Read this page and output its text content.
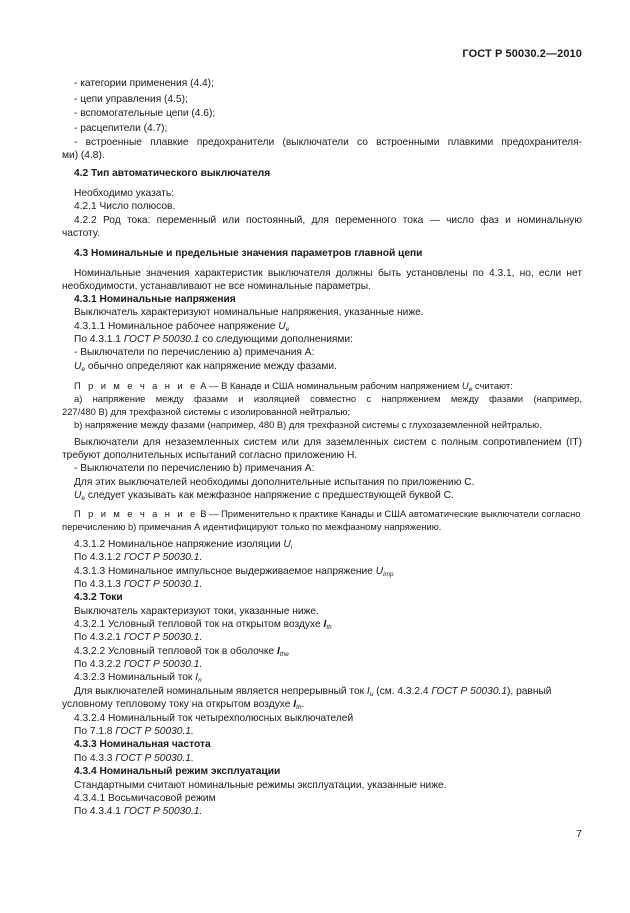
ГОСТ Р 50030.2—2010
- категории применения (4.4);
- цепи управления (4.5);
- вспомогательные цепи (4.6);
- расцепители (4.7);
- встроенные плавкие предохранители (выключатели со встроенными плавкими предохранителя-
ми) (4.8).
4.2 Тип автоматического выключателя
Необходимо указать:
4.2.1 Число полюсов.
4.2.2 Род тока: переменный или постоянный, для переменного тока — число фаз и номинальную
частоту.
4.3 Номинальные и предельные значения параметров главной цепи
Номинальные значения характеристик выключателя должны быть установлены по 4.3.1, но, если нет
необходимости, устанавливают не все номинальные параметры.
4.3.1 Номинальные напряжения
Выключатель характеризуют номинальные напряжения, указанные ниже.
4.3.1.1 Номинальное рабочее напряжение $U_e$
По 4.3.1.1 ГОСТ Р 50030.1 со следующими дополнениями:
- Выключатели по перечислению а) примечания А:
$U_e$ обычно определяют как напряжение между фазами.
П р и м е ч а н и е А — В Канаде и США номинальным рабочим напряжением $U_e$ считают:
а) напряжение между фазами и изоляцией совместно с напряжением между фазами (например,
227/480 В) для трехфазной системы с изолированной нейтралью;
b) напряжение между фазами (например, 480 В) для трехфазной системы с глухозаземленной нейтралью.
Выключатели для незаземленных систем или для заземленных систем с полным сопротивлением (IT)
требуют дополнительных испытаний согласно приложению H.
- Выключатели по перечислению b) примечания А:
Для этих выключателей необходимы дополнительные испытания по приложению С.
$U_e$ следует указывать как межфазное напряжение с предшествующей буквой С.
П р и м е ч а н и е В — Применительно к практике Канады и США автоматические выключатели согласно
перечислению b) примечания А идентифицируют только по межфазному напряжению.
4.3.1.2 Номинальное напряжение изоляции $U_i$
По 4.3.1.2 ГОСТ Р 50030.1.
4.3.1.3 Номинальное импульсное выдерживаемое напряжение $U_{imp}$
По 4.3.1.3 ГОСТ Р 50030.1.
4.3.2 Токи
Выключатель характеризуют токи, указанные ниже.
4.3.2.1 Условный тепловой ток на открытом воздухе $I_{th}$
По 4.3.2.1 ГОСТ Р 50030.1.
4.3.2.2 Условный тепловой ток в оболочке $I_{the}$
По 4.3.2.2 ГОСТ Р 50030.1.
4.3.2.3 Номинальный ток $I_n$
Для выключателей номинальным является непрерывный ток $I_u$ (см. 4.3.2.4 ГОСТ Р 50030.1), равный
условному тепловому току на открытом воздухе $I_{th}$.
4.3.2.4 Номинальный ток четырехполюсных выключателей
По 7.1.8 ГОСТ Р 50030.1.
4.3.3 Номинальная частота
По 4.3.3 ГОСТ Р 50030.1.
4.3.4 Номинальный режим эксплуатации
Стандартными считают номинальные режимы эксплуатации, указанные ниже.
4.3.4.1 Восьмичасовой режим
По 4.3.4.1 ГОСТ Р 50030.1.
7
